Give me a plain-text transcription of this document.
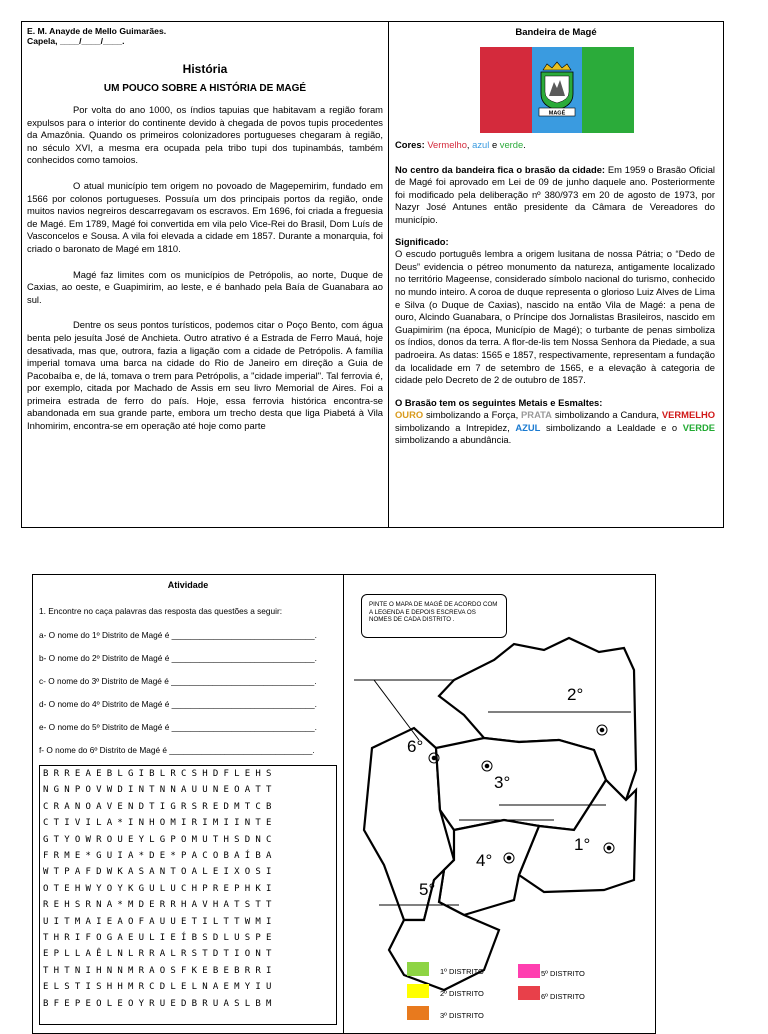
E. M. Anayde de Mello Guimarães.
Capela, ____/____/____.
História
UM POUCO SOBRE A HISTÓRIA DE MAGÉ

Por volta do ano 1000, os índios tapuias que habitavam a região foram expulsos para o interior do continente devido à chegada de povos tupis procedentes da Amazônia. Quando os primeiros colonizadores portugueses chegaram à região, no século XVI, a mesma era ocupada pela tribo tupi dos tupinambás, também conhecidos como tamoios.

O atual município tem origem no povoado de Magepemirim, fundado em 1566 por colonos portugueses. Possuía um dos principais portos da região, onde muitos navios negreiros descarregavam os escravos. Em 1696, foi criada a freguesia de Magé. Em 1789, Magé foi convertida em vila pelo Vice-Rei do Brasil, Dom Luís de Vasconcelos e Sousa. A vila foi elevada a cidade em 1857. Durante a monarquia, foi criado o baronato de Magé em 1810.

Magé faz limites com os municípios de Petrópolis, ao norte, Duque de Caxias, ao oeste, e Guapimirim, ao leste, e é banhado pela Baía de Guanabara ao sul.

Dentre os seus pontos turísticos, podemos citar o Poço Bento, com água benta pelo jesuíta José de Anchieta. Outro atrativo é a Estrada de Ferro Mauá, hoje desativada, mas que, outrora, fazia a ligação com a cidade de Petrópolis. A família imperial tomava uma barca na cidade do Rio de Janeiro em direção a Guia de Pacobaíba e, de lá, tomava o trem para Petrópolis, a "cidade imperial". Tal ferrovia é, por exemplo, citada por Machado de Assis em seu livro Memorial de Aires. Foi a primeira estrada de ferro do país. Hoje, essa ferrovia histórica encontra-se abandonada em sua grande parte, embora um trecho desta que liga Piabetá à Vila Inhomirim, encontra-se em operação até hoje como parte

Bandeira de Magé
MAGÉ

Cores: Vermelho, azul e verde.

No centro da bandeira fica o brasão da cidade: Em 1959 o Brasão Oficial de Magé foi aprovado em Lei de 09 de junho daquele ano. Posteriormente foi modificado pela deliberação nº 380/973 em 20 de agosto de 1973, por Nazyr José Antunes então presidente da Câmara de Vereadores do município.

Significado:

O escudo português lembra a origem lusitana de nossa Pátria; o “Dedo de Deus” evidencia o pétreo monumento da natureza, antigamente localizado no território Mageense, considerado símbolo nacional do turismo, conhecido no mundo inteiro. A coroa de duque representa o glorioso Luiz Alves de Lima e Silva (o Duque de Caxias), nascido na então Vila de Magé: a pena de ouro, Alcindo Guanabara, o Príncipe dos Jornalistas Brasileiros, nascido em Guapimirim (na época, Município de Magé); o turbante de penas simboliza os índios, donos da terra. A flor-de-lis tem Nossa Senhora da Piedade, a sua padroeira. As datas: 1565 e 1857, respectivamente, representam a fundação da localidade em 7 de setembro de 1565, e a elevação à categoria de cidade pelo Decreto de 2 de outubro de 1857.

O Brasão tem os seguintes Metais e Esmaltes:

OURO simbolizando a Força, PRATA simbolizando a Candura, VERMELHO simbolizando a Intrepidez, AZUL simbolizando a Lealdade e o VERDE simbolizando a abundância.

Atividade
1. Encontre no caça palavras das resposta das questões a seguir:
a- O nome do 1º Distrito de Magé é _______________________________.
b- O nome do 2º Distrito de Magé é _______________________________.
c- O nome do 3º Distrito de Magé é _______________________________.
d- O nome do 4º Distrito de Magé é _______________________________.
e- O nome do 5º Distrito de Magé é _______________________________.
f- O nome do 6º Distrito de Magé é _______________________________.
BRREAEBLGIBLRCSHDFLEHS
NGNPOVWDINTNNAUUNEOATT
CRANOAVENDTIGRSREDMTCB
CTIVILA*INHOMIRIMIINTE
GTYOWROUEYLGPOMUTHSDNC
FRME*GUIA*DE*PACOBAÍBA
WTPAFDWKASANTOALEIXOSI
OTEHWYOYKGULUCHPREPHKI
REHSRNA*MDERRHAVHATSTT
UITMAIEAOFAUUETILTTWMI
THRIFOGAEULIEÍBSDLUSPE
EPLLAÊLNLRRALRSTDTIONT
THTNIHNNMRAOSFKEBEBRRI
ELSTISHHMRCDLELNAEMYIU
BFEPEOLEOYRUEDBRUASLBM
PINTE O MAPA DE MAGÉ DE ACORDO COM A LEGENDA E DEPOIS ESCREVA OS NOMES DE CADA DISTRITO .
1°
2°
3°
4°
5°
6°
1º DISTRITO
2º DISTRITO
3º DISTRITO
5º DISTRITO
6º DISTRITO
